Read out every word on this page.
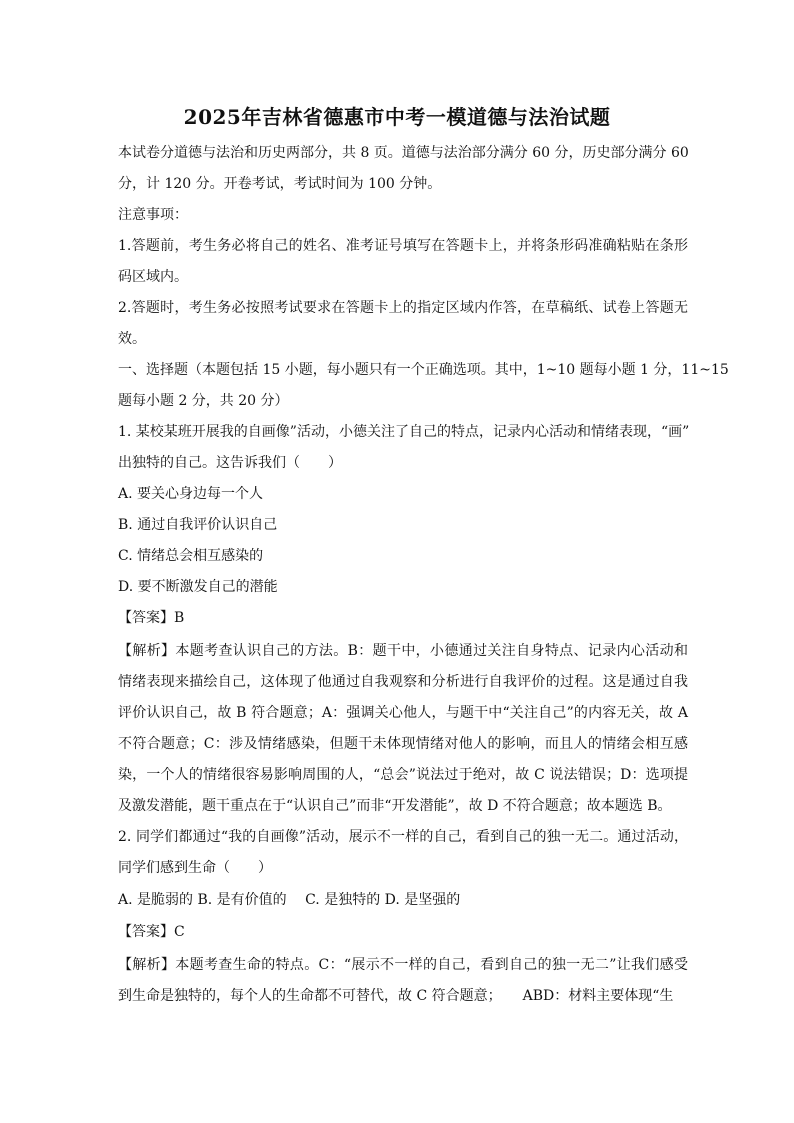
2025年吉林省德惠市中考一模道德与法治试题

本试卷分道德与法治和历史两部分，共 8 页。道德与法治部分满分 60 分，历史部分满分 60

分，计 120 分。开卷考试，考试时间为 100 分钟。

注意事项：

1.答题前，考生务必将自己的姓名、准考证号填写在答题卡上，并将条形码准确粘贴在条形

码区域内。

2.答题时，考生务必按照考试要求在答题卡上的指定区域内作答，在草稿纸、试卷上答题无

效。

一、选择题（本题包括 15 小题，每小题只有一个正确选项。其中，1~10 题每小题 1 分，11~15

题每小题 2 分，共 20 分）

1. 某校某班开展我的自画像”活动，小德关注了自己的特点，记录内心活动和情绪表现，“画”

出独特的自己。这告诉我们（　　）

A. 要关心身边每一个人

B. 通过自我评价认识自己

C. 情绪总会相互感染的

D. 要不断激发自己的潜能

【答案】B

【解析】本题考查认识自己的方法。B：题干中，小德通过关注自身特点、记录内心活动和

情绪表现来描绘自己，这体现了他通过自我观察和分析进行自我评价的过程。这是通过自我

评价认识自己，故 B 符合题意；A：强调关心他人，与题干中“关注自己”的内容无关，故 A

不符合题意；C：涉及情绪感染，但题干未体现情绪对他人的影响，而且人的情绪会相互感

染，一个人的情绪很容易影响周围的人，“总会”说法过于绝对，故 C 说法错误；D：选项提

及激发潜能，题干重点在于“认识自己”而非“开发潜能”，故 D 不符合题意；故本题选 B。

2. 同学们都通过“我的自画像”活动，展示不一样的自己，看到自己的独一无二。通过活动，

同学们感到生命（　　）

A. 是脆弱的 B. 是有价值的　 C. 是独特的 D. 是坚强的

【答案】C

【解析】本题考查生命的特点。C：“展示不一样的自己，看到自己的独一无二”让我们感受

到生命是独特的，每个人的生命都不可替代，故 C 符合题意；　　ABD：材料主要体现“生
